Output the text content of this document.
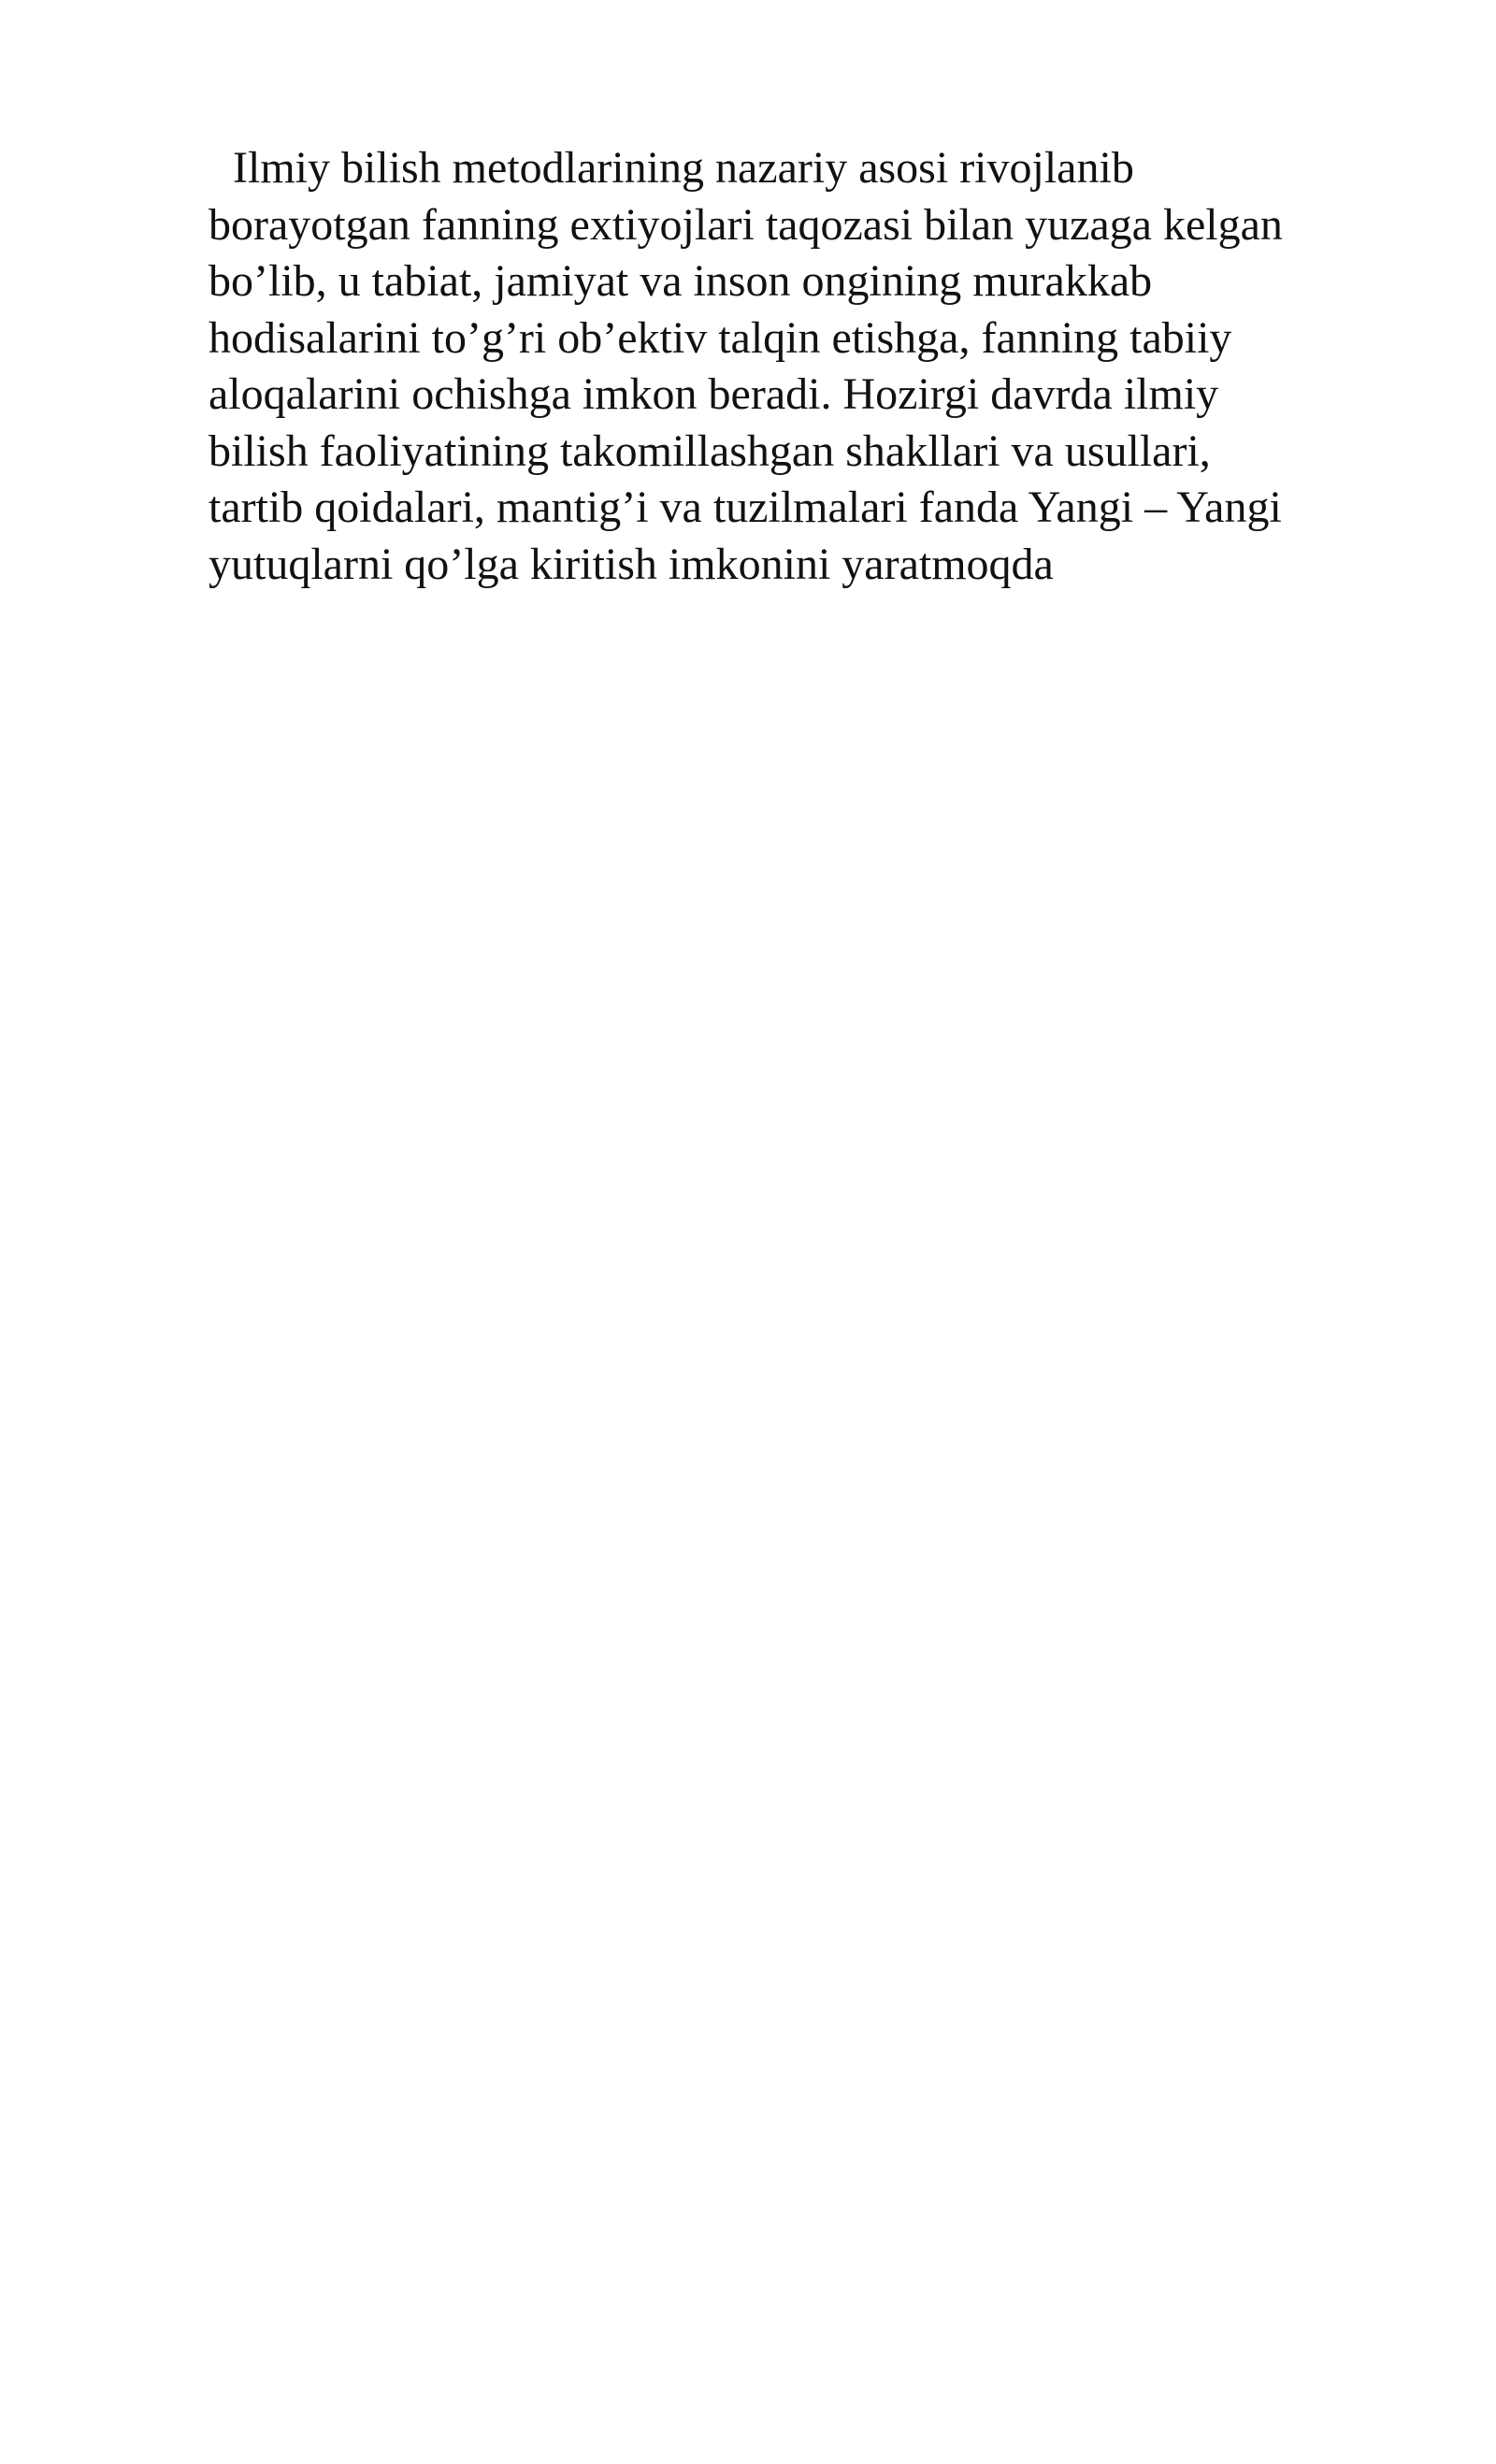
Ilmiy bilish metodlarining nazariy asosi rivojlanib
borayotgan fanning extiyojlari taqozasi bilan yuzaga kelgan
bo’lib, u tabiat, jamiyat va inson ongining murakkab
hodisalarini to’g’ri ob’ektiv talqin etishga, fanning tabiiy
aloqalarini ochishga imkon beradi. Hozirgi davrda ilmiy
bilish faoliyatining takomillashgan shakllari va usullari,
tartib qoidalari, mantig’i va tuzilmalari fanda Yangi – Yangi
yutuqlarni qo’lga kiritish imkonini yaratmoqda
